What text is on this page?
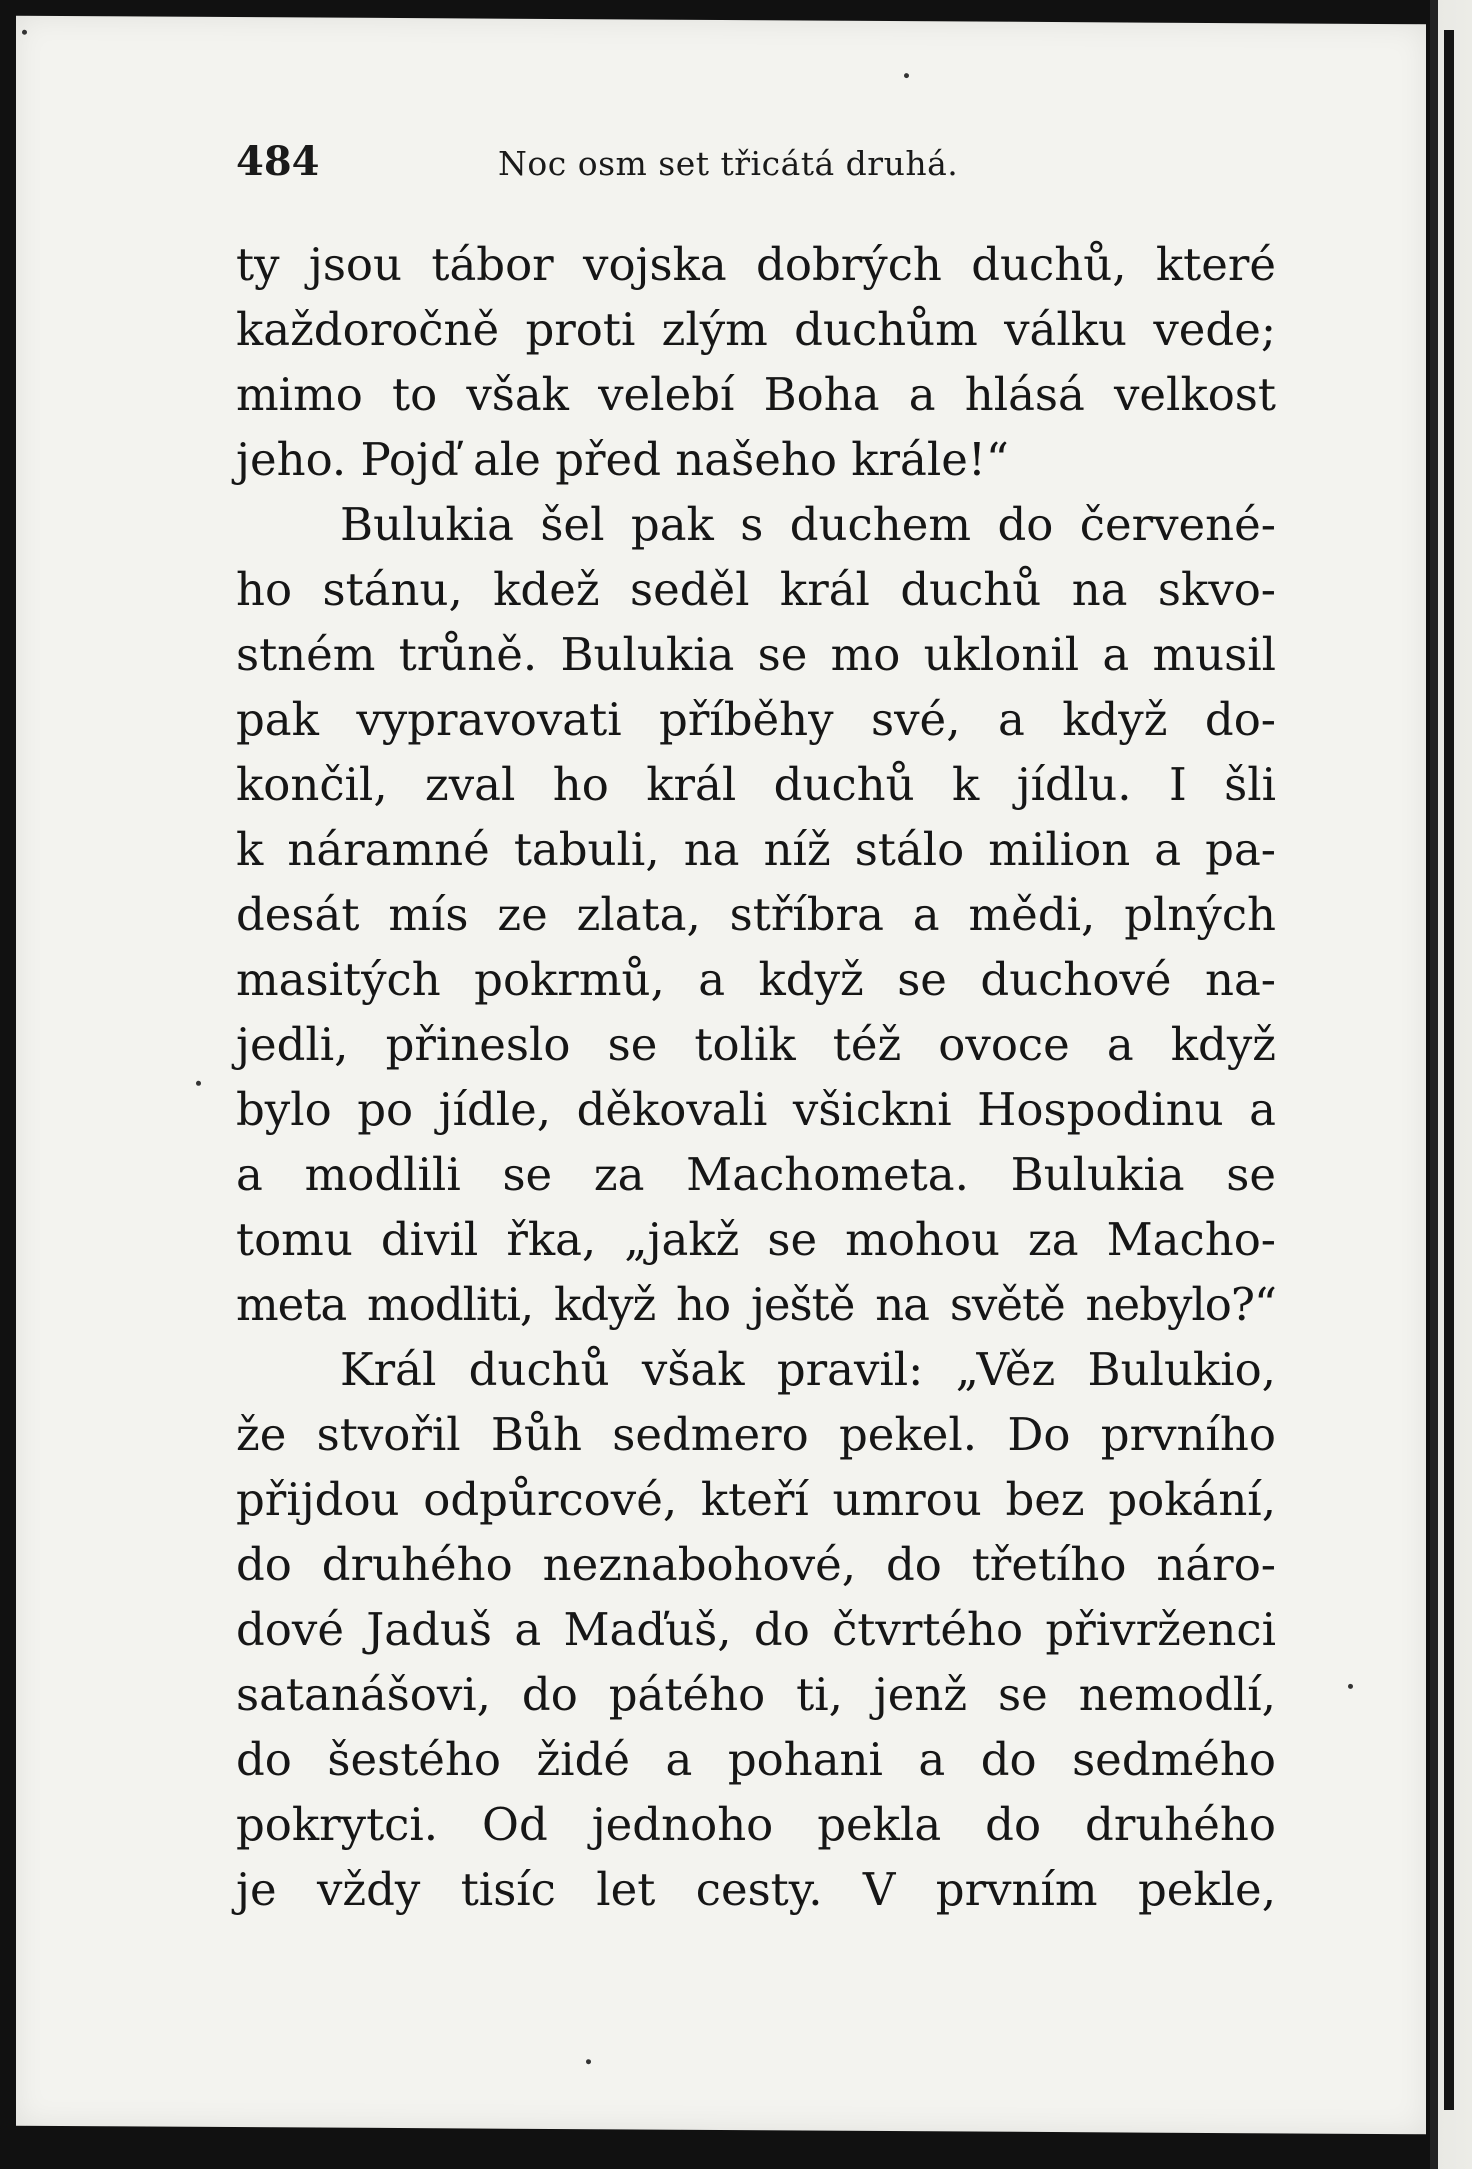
484	Noc osm set třicátá druhá.
ty jsou tábor vojska dobrých duchů, které
každoročně proti zlým duchům válku vede;
mimo to však velebí Boha a hlásá velkost
jeho. Pojď ale před našeho krále!“
Bulukia šel pak s duchem do červené-
ho stánu, kdež seděl král duchů na skvo-
stném trůně. Bulukia se mo uklonil a musil
pak vypravovati příběhy své, a když do-
končil, zval ho král duchů k jídlu. I šli
k náramné tabuli, na níž stálo milion a pa-
desát mís ze zlata, stříbra a mědi, plných
masitých pokrmů, a když se duchové na-
jedli, přineslo se tolik též ovoce a když
bylo po jídle, děkovali všickni Hospodinu a
a modlili se za Machometa. Bulukia se
tomu divil řka, „jakž se mohou za Macho-
meta modliti, když ho ještě na světě nebylo?“
Král duchů však pravil: „Věz Bulukio,
že stvořil Bůh sedmero pekel. Do prvního
přijdou odpůrcové, kteří umrou bez pokání,
do druhého neznabohové, do třetího náro-
dové Jaduš a Maďuš, do čtvrtého přivrženci
satanášovi, do pátého ti, jenž se nemodlí,
do šestého židé a pohani a do sedmého
pokrytci. Od jednoho pekla do druhého
je vždy tisíc let cesty. V prvním pekle,
